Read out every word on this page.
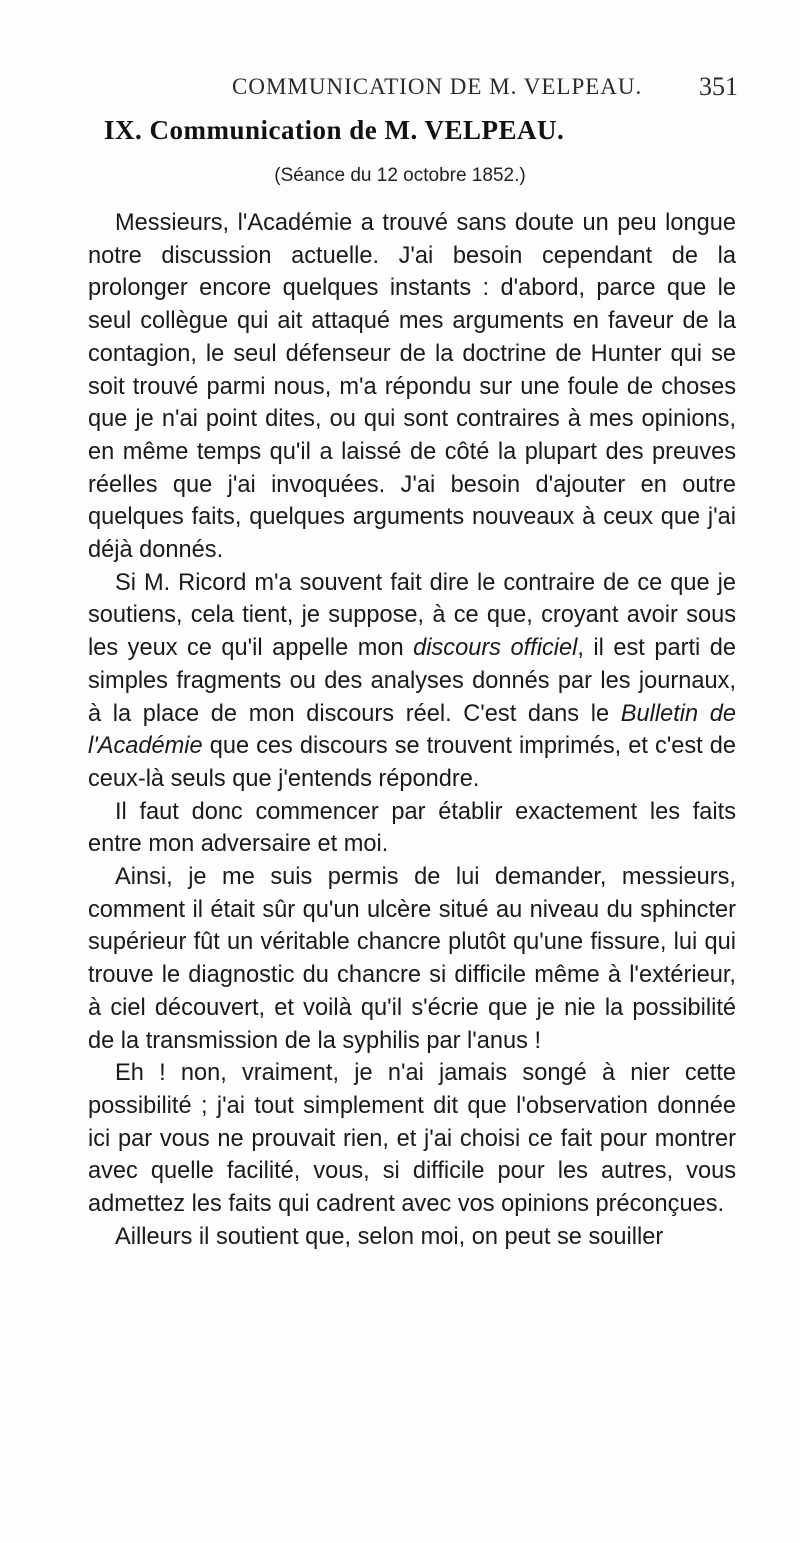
COMMUNICATION DE M. VELPEAU.	351
IX. Communication de M. VELPEAU.
(Séance du 12 octobre 1852.)

Messieurs, l'Académie a trouvé sans doute un peu longue notre discussion actuelle. J'ai besoin cependant de la prolonger encore quelques instants : d'abord, parce que le seul collègue qui ait attaqué mes arguments en faveur de la contagion, le seul défenseur de la doctrine de Hunter qui se soit trouvé parmi nous, m'a répondu sur une foule de choses que je n'ai point dites, ou qui sont contraires à mes opinions, en même temps qu'il a laissé de côté la plupart des preuves réelles que j'ai invoquées. J'ai besoin d'ajouter en outre quelques faits, quelques arguments nouveaux à ceux que j'ai déjà donnés.

Si M. Ricord m'a souvent fait dire le contraire de ce que je soutiens, cela tient, je suppose, à ce que, croyant avoir sous les yeux ce qu'il appelle mon discours officiel, il est parti de simples fragments ou des analyses donnés par les journaux, à la place de mon discours réel. C'est dans le Bulletin de l'Académie que ces discours se trouvent imprimés, et c'est de ceux-là seuls que j'entends répondre.

Il faut donc commencer par établir exactement les faits entre mon adversaire et moi.

Ainsi, je me suis permis de lui demander, messieurs, comment il était sûr qu'un ulcère situé au niveau du sphincter supérieur fût un véritable chancre plutôt qu'une fissure, lui qui trouve le diagnostic du chancre si difficile même à l'extérieur, à ciel découvert, et voilà qu'il s'écrie que je nie la possibilité de la transmission de la syphilis par l'anus !

Eh ! non, vraiment, je n'ai jamais songé à nier cette possibilité ; j'ai tout simplement dit que l'observation donnée ici par vous ne prouvait rien, et j'ai choisi ce fait pour montrer avec quelle facilité, vous, si difficile pour les autres, vous admettez les faits qui cadrent avec vos opinions préconçues.

Ailleurs il soutient que, selon moi, on peut se souiller
